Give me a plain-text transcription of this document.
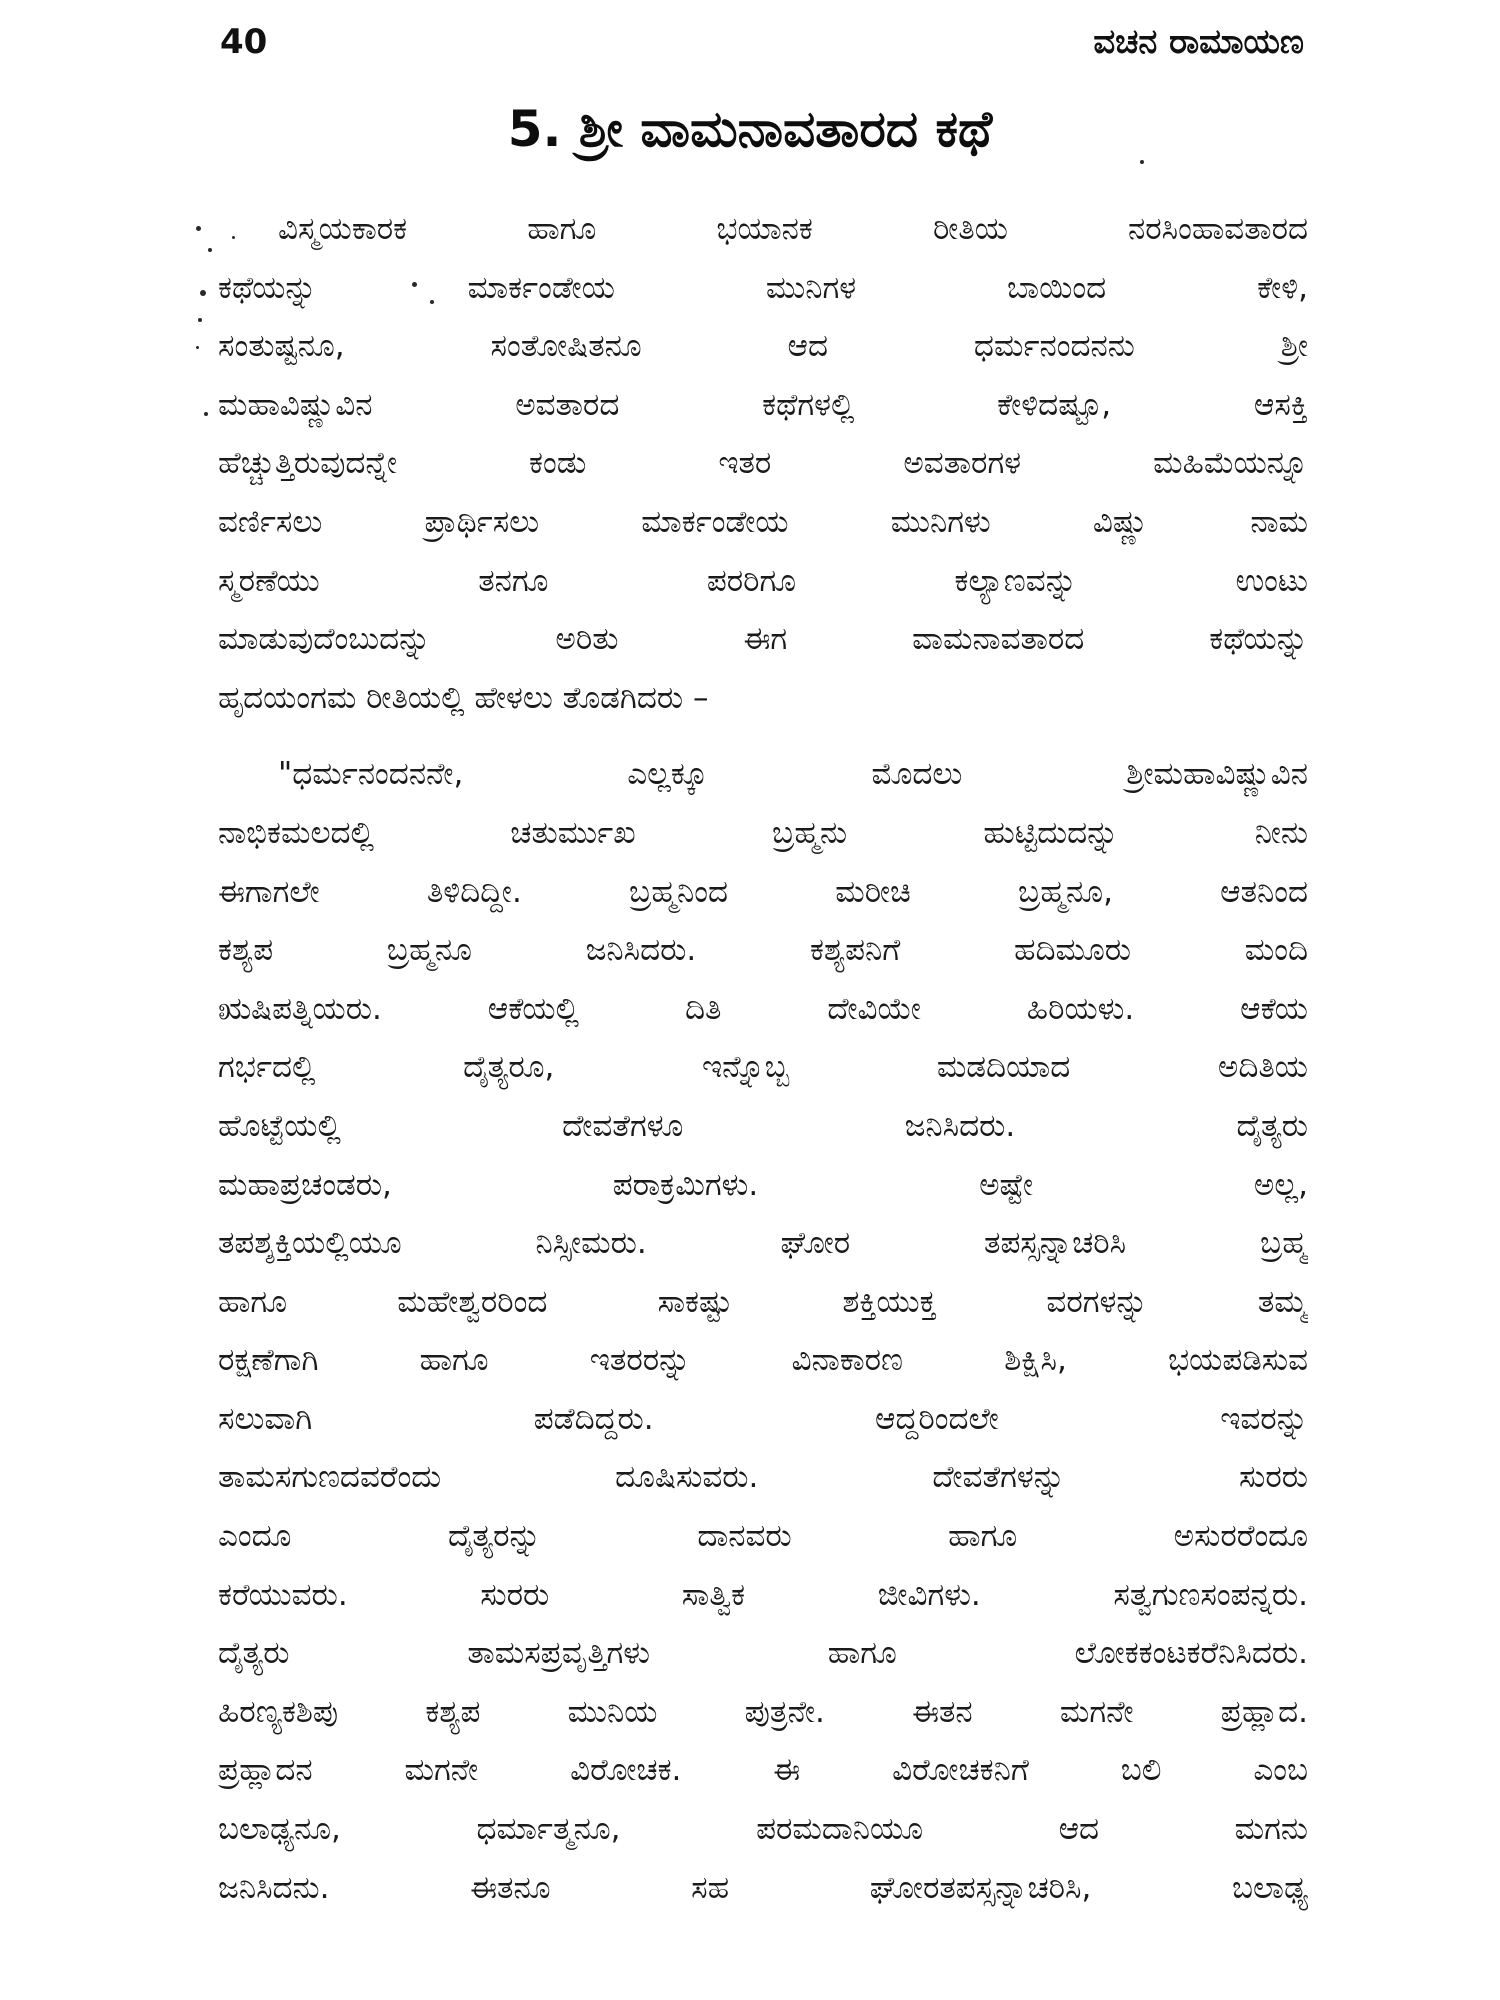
40	ವಚನ ರಾಮಾಯಣ
5. ಶ್ರೀ ವಾಮನಾವತಾರದ ಕಥೆ
ವಿಸ್ಮಯಕಾರಕ ಹಾಗೂ ಭಯಾನಕ ರೀತಿಯ ನರಸಿಂಹಾವತಾರದ
ಕಥೆಯನ್ನು ಮಾರ್ಕಂಡೇಯ ಮುನಿಗಳ ಬಾಯಿಂದ ಕೇಳಿ,
ಸಂತುಷ್ಟನೂ, ಸಂತೋಷಿತನೂ ಆದ ಧರ್ಮನಂದನನು ಶ್ರೀ
ಮಹಾವಿಷ್ಣುವಿನ ಅವತಾರದ ಕಥೆಗಳಲ್ಲಿ ಕೇಳಿದಷ್ಟೂ, ಆಸಕ್ತಿ
ಹೆಚ್ಚುತ್ತಿರುವುದನ್ನೇ ಕಂಡು ಇತರ ಅವತಾರಗಳ ಮಹಿಮೆಯನ್ನೂ
ವರ್ಣಿಸಲು ಪ್ರಾರ್ಥಿಸಲು ಮಾರ್ಕಂಡೇಯ ಮುನಿಗಳು ವಿಷ್ಣು ನಾಮ
ಸ್ಮರಣೆಯು ತನಗೂ ಪರರಿಗೂ ಕಲ್ಯಾಣವನ್ನು ಉಂಟು
ಮಾಡುವುದೆಂಬುದನ್ನು ಅರಿತು ಈಗ ವಾಮನಾವತಾರದ ಕಥೆಯನ್ನು
ಹೃದಯಂಗಮ ರೀತಿಯಲ್ಲಿ ಹೇಳಲು ತೊಡಗಿದರು –
"ಧರ್ಮನಂದನನೇ, ಎಲ್ಲಕ್ಕೂ ಮೊದಲು ಶ್ರೀಮಹಾವಿಷ್ಣುವಿನ
ನಾಭಿಕಮಲದಲ್ಲಿ ಚತುರ್ಮುಖ ಬ್ರಹ್ಮನು ಹುಟ್ಟಿದುದನ್ನು ನೀನು
ಈಗಾಗಲೇ ತಿಳಿದಿದ್ದೀ. ಬ್ರಹ್ಮನಿಂದ ಮರೀಚಿ ಬ್ರಹ್ಮನೂ, ಆತನಿಂದ
ಕಶ್ಯಪ ಬ್ರಹ್ಮನೂ ಜನಿಸಿದರು. ಕಶ್ಯಪನಿಗೆ ಹದಿಮೂರು ಮಂದಿ
ಋಷಿಪತ್ನಿಯರು. ಆಕೆಯಲ್ಲಿ ದಿತಿ ದೇವಿಯೇ ಹಿರಿಯಳು. ಆಕೆಯ
ಗರ್ಭದಲ್ಲಿ ದೈತ್ಯರೂ, ಇನ್ನೊಬ್ಬ ಮಡದಿಯಾದ ಅದಿತಿಯ
ಹೊಟ್ಟೆಯಲ್ಲಿ ದೇವತೆಗಳೂ ಜನಿಸಿದರು. ದೈತ್ಯರು
ಮಹಾಪ್ರಚಂಡರು, ಪರಾಕ್ರಮಿಗಳು. ಅಷ್ಟೇ ಅಲ್ಲ,
ತಪಶ್ಶಕ್ತಿಯಲ್ಲಿಯೂ ನಿಸ್ಸೀಮರು. ಘೋರ ತಪಸ್ಸನ್ನಾಚರಿಸಿ ಬ್ರಹ್ಮ
ಹಾಗೂ ಮಹೇಶ್ವರರಿಂದ ಸಾಕಷ್ಟು ಶಕ್ತಿಯುಕ್ತ ವರಗಳನ್ನು ತಮ್ಮ
ರಕ್ಷಣೆಗಾಗಿ ಹಾಗೂ ಇತರರನ್ನು ವಿನಾಕಾರಣ ಶಿಕ್ಷಿಸಿ, ಭಯಪಡಿಸುವ
ಸಲುವಾಗಿ ಪಡೆದಿದ್ದರು. ಆದ್ದರಿಂದಲೇ ಇವರನ್ನು
ತಾಮಸಗುಣದವರೆಂದು ದೂಷಿಸುವರು. ದೇವತೆಗಳನ್ನು ಸುರರು
ಎಂದೂ ದೈತ್ಯರನ್ನು ದಾನವರು ಹಾಗೂ ಅಸುರರೆಂದೂ
ಕರೆಯುವರು. ಸುರರು ಸಾತ್ವಿಕ ಜೀವಿಗಳು. ಸತ್ವಗುಣಸಂಪನ್ನರು.
ದೈತ್ಯರು ತಾಮಸಪ್ರವೃತ್ತಿಗಳು ಹಾಗೂ ಲೋಕಕಂಟಕರೆನಿಸಿದರು.
ಹಿರಣ್ಯಕಶಿಪು ಕಶ್ಯಪ ಮುನಿಯ ಪುತ್ರನೇ. ಈತನ ಮಗನೇ ಪ್ರಹ್ಲಾದ.
ಪ್ರಹ್ಲಾದನ ಮಗನೇ ವಿರೋಚಕ. ಈ ವಿರೋಚಕನಿಗೆ ಬಲಿ ಎಂಬ
ಬಲಾಢ್ಯನೂ, ಧರ್ಮಾತ್ಮನೂ, ಪರಮದಾನಿಯೂ ಆದ ಮಗನು
ಜನಿಸಿದನು. ಈತನೂ ಸಹ ಘೋರತಪಸ್ಸನ್ನಾಚರಿಸಿ, ಬಲಾಢ್ಯ
